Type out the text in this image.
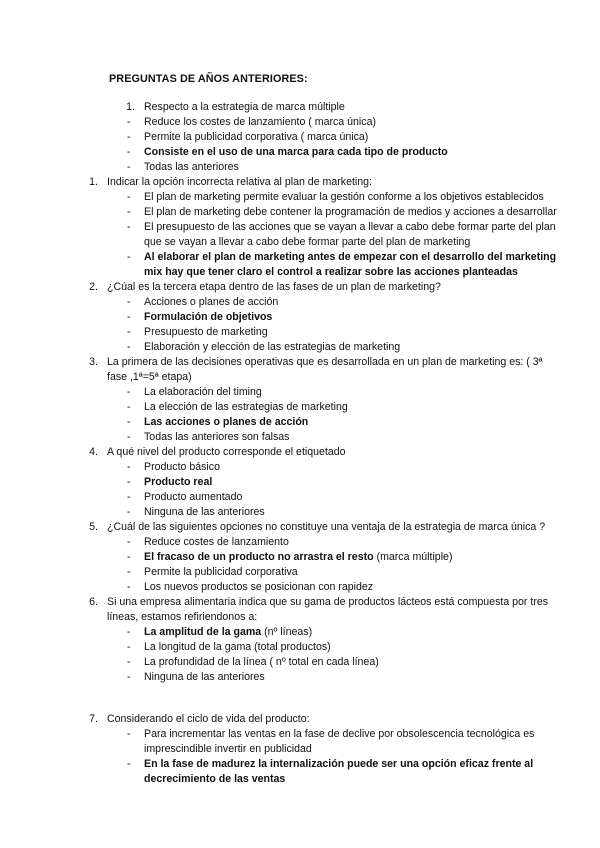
PREGUNTAS DE AÑOS ANTERIORES:
1. Respecto a la estrategia de marca múltiple
- Reduce los costes de lanzamiento ( marca única)
- Permite la publicidad corporativa ( marca única)
- Consiste en el uso de una marca para cada tipo de producto
- Todas las anteriores
1. Indicar la opción incorrecta relativa al plan de marketing:
- El plan de marketing permite evaluar la gestión conforme a los objetivos establecidos
- El plan de marketing debe contener la programación de medios y acciones a desarrollar
- El presupuesto de las acciones que se vayan a llevar a cabo debe formar parte del plan
que se vayan a llevar a cabo debe formar parte del plan de marketing
- Al elaborar el plan de marketing antes de empezar con el desarrollo del marketing
mix hay que tener claro el control a realizar sobre las acciones planteadas
2. ¿Cúal es la tercera etapa dentro de las fases de un plan de marketing?
- Acciones o planes de acción
- Formulación de objetivos
- Presupuesto de marketing
- Elaboración y elección de las estrategias de marketing
3. La primera de las decisiones operativas que es desarrollada en un plan de marketing es: ( 3ª
fase ,1ª=5ª etapa)
- La elaboración del timing
- La elección de las estrategias de marketing
- Las acciones o planes de acción
- Todas las anteriores son falsas
4. A qué nivel del producto corresponde el etiquetado
- Producto básico
- Producto real
- Producto aumentado
- Ninguna de las anteriores
5. ¿Cuál de las siguientes opciones no constituye una ventaja de la estrategia de marca única ?
- Reduce costes de lanzamiento
- El fracaso de un producto no arrastra el resto (marca múltiple)
- Permite la publicidad corporativa
- Los nuevos productos se posicionan con rapidez
6. Si una empresa alimentaria indica que su gama de productos lácteos está compuesta por tres
líneas, estamos refiriendonos a:
- La amplitud de la gama (nº líneas)
- La longitud de la gama (total productos)
- La profundidad de la línea ( nº total en cada línea)
- Ninguna de las anteriores
7. Considerando el ciclo de vida del producto:
- Para incrementar las ventas en la fase de declive por obsolescencia tecnológica es
imprescindible invertir en publicidad
- En la fase de madurez la internalización puede ser una opción eficaz frente al
decrecimiento de las ventas
